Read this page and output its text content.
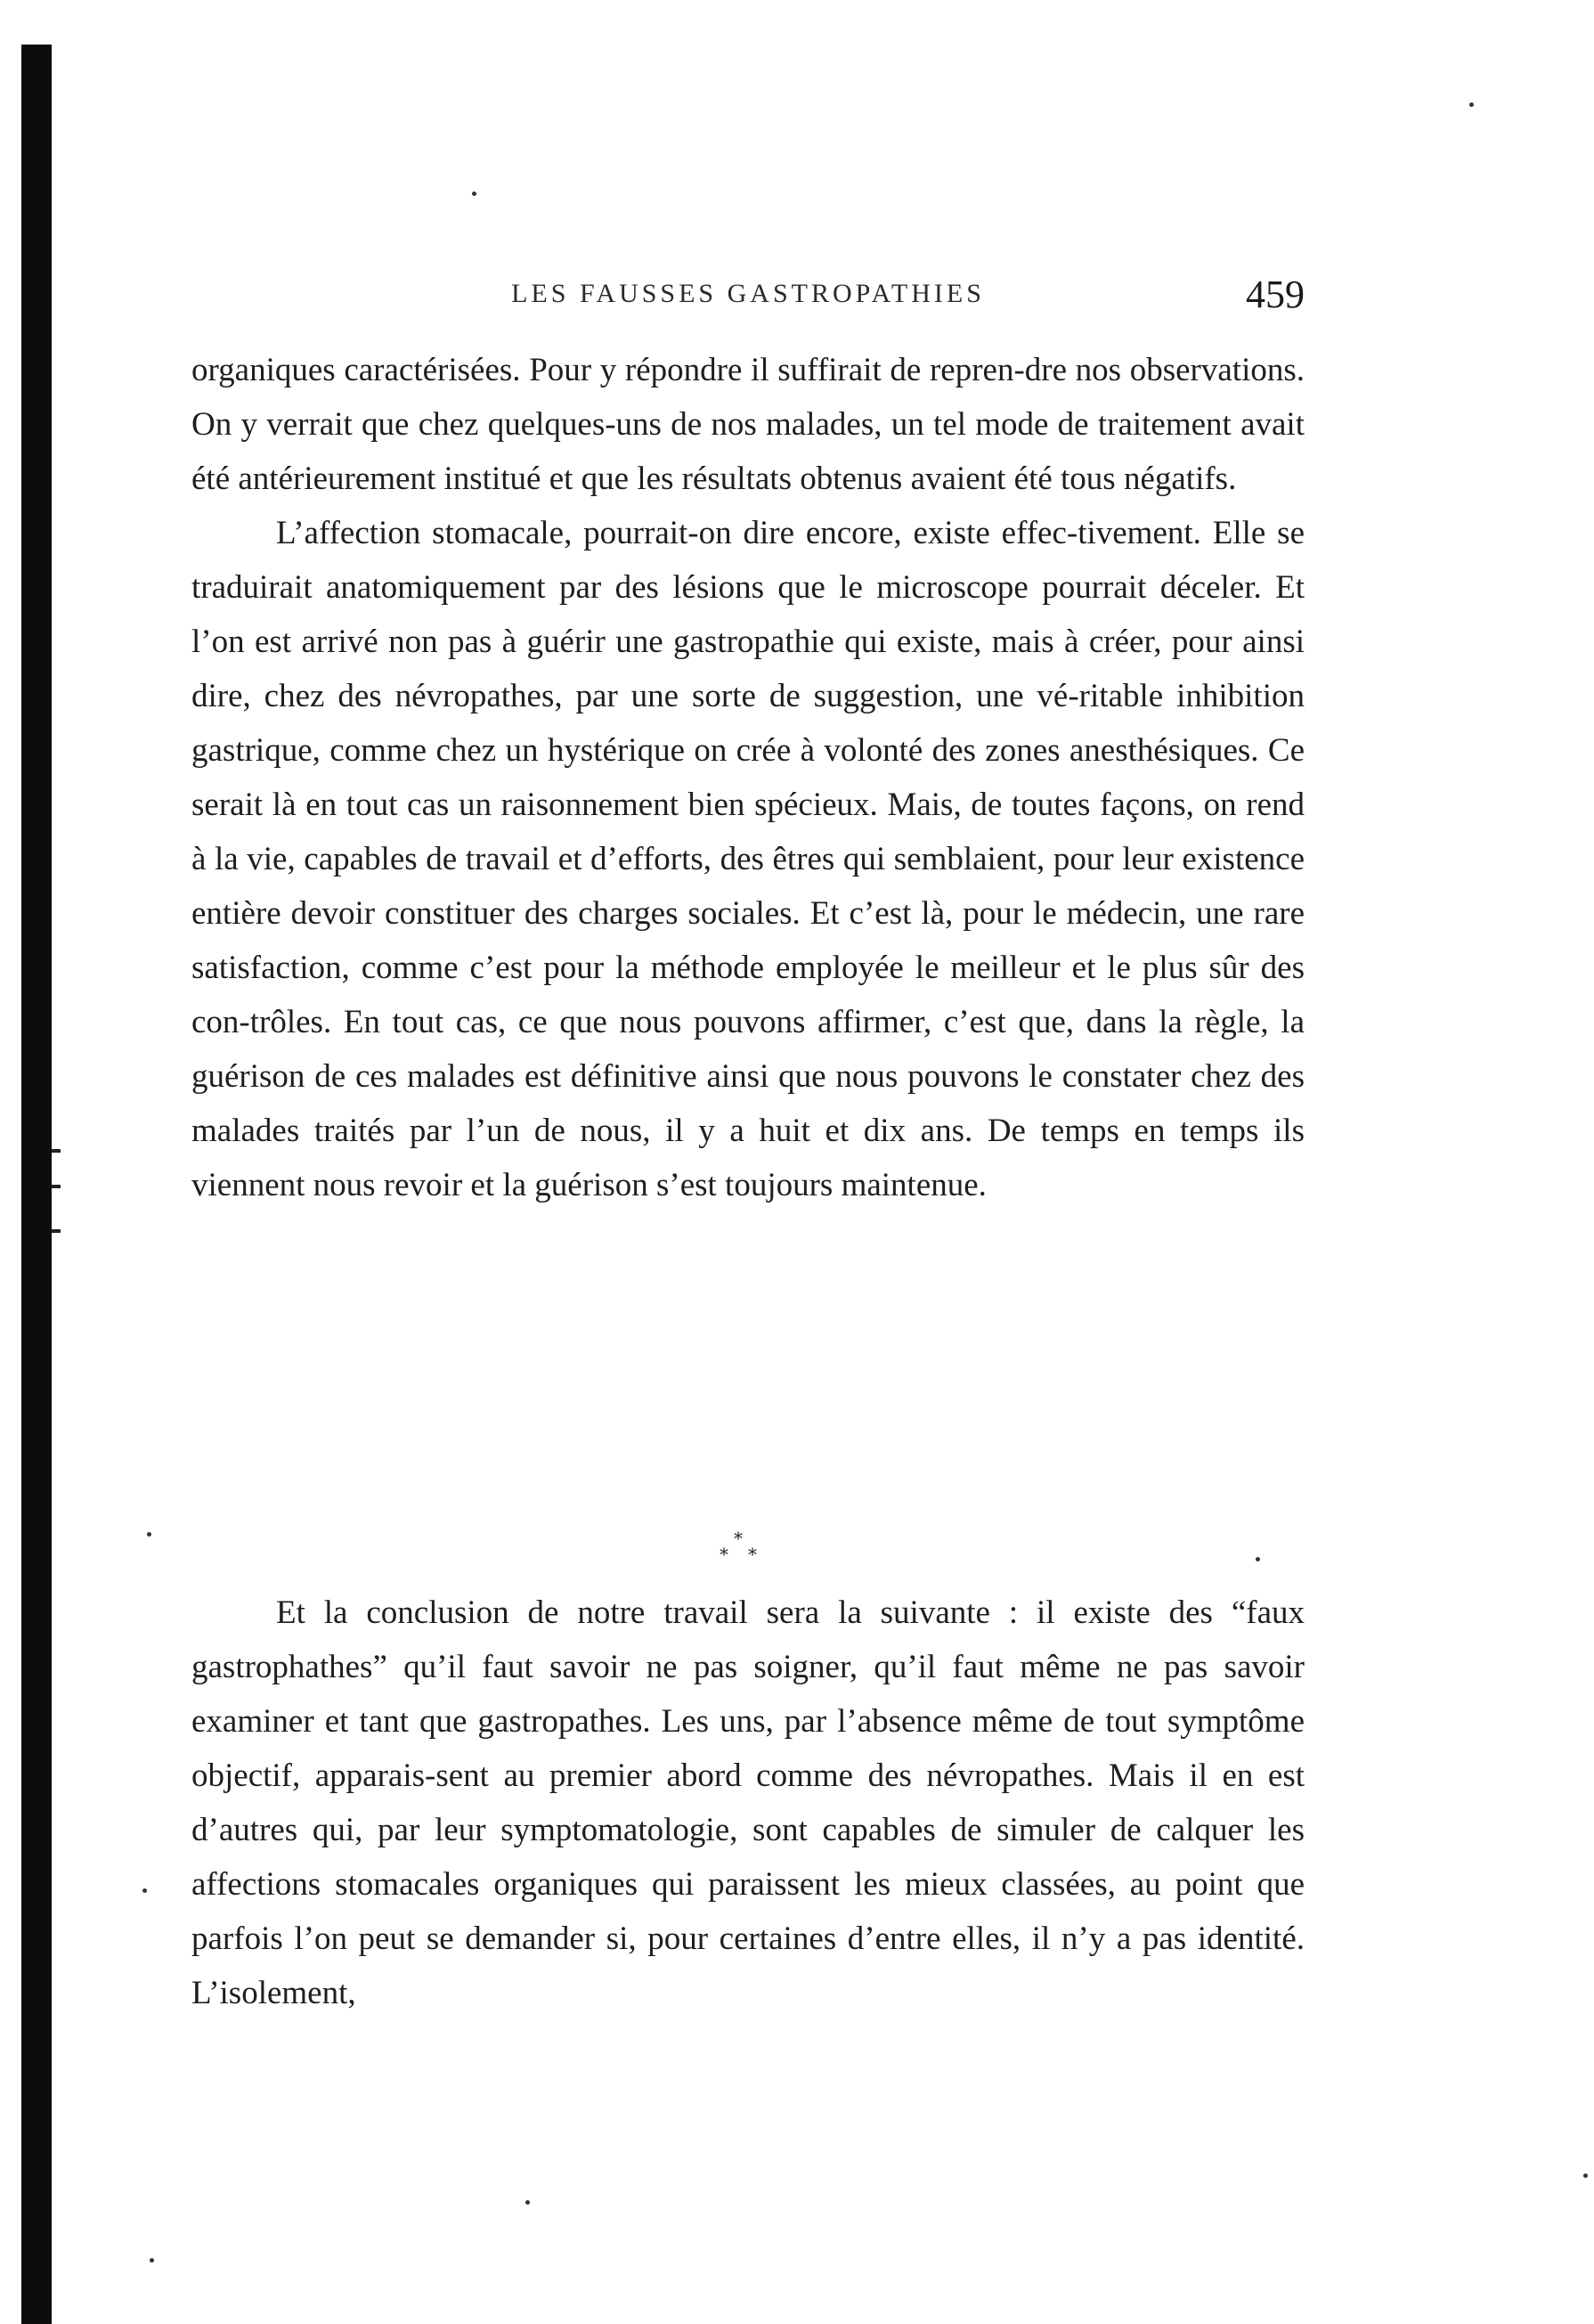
LES FAUSSES GASTROPATHIES	459

organiques caractérisées. Pour y répondre il suffirait de repren-dre nos observations. On y verrait que chez quelques-uns de nos malades, un tel mode de traitement avait été antérieurement institué et que les résultats obtenus avaient été tous négatifs.

L’affection stomacale, pourrait-on dire encore, existe effec-tivement. Elle se traduirait anatomiquement par des lésions que le microscope pourrait déceler. Et l’on est arrivé non pas à guérir une gastropathie qui existe, mais à créer, pour ainsi dire, chez des névropathes, par une sorte de suggestion, une vé-ritable inhibition gastrique, comme chez un hystérique on crée à volonté des zones anesthésiques. Ce serait là en tout cas un raisonnement bien spécieux. Mais, de toutes façons, on rend à la vie, capables de travail et d’efforts, des êtres qui semblaient, pour leur existence entière devoir constituer des charges sociales. Et c’est là, pour le médecin, une rare satisfaction, comme c’est pour la méthode employée le meilleur et le plus sûr des con-trôles. En tout cas, ce que nous pouvons affirmer, c’est que, dans la règle, la guérison de ces malades est définitive ainsi que nous pouvons le constater chez des malades traités par l’un de nous, il y a huit et dix ans. De temps en temps ils viennent nous revoir et la guérison s’est toujours maintenue.

*
* *

Et la conclusion de notre travail sera la suivante : il existe des “faux gastrophathes” qu’il faut savoir ne pas soigner, qu’il faut même ne pas savoir examiner et tant que gastropathes. Les uns, par l’absence même de tout symptôme objectif, apparais-sent au premier abord comme des névropathes. Mais il en est d’autres qui, par leur symptomatologie, sont capables de simuler de calquer les affections stomacales organiques qui paraissent les mieux classées, au point que parfois l’on peut se demander si, pour certaines d’entre elles, il n’y a pas identité. L’isolement,
